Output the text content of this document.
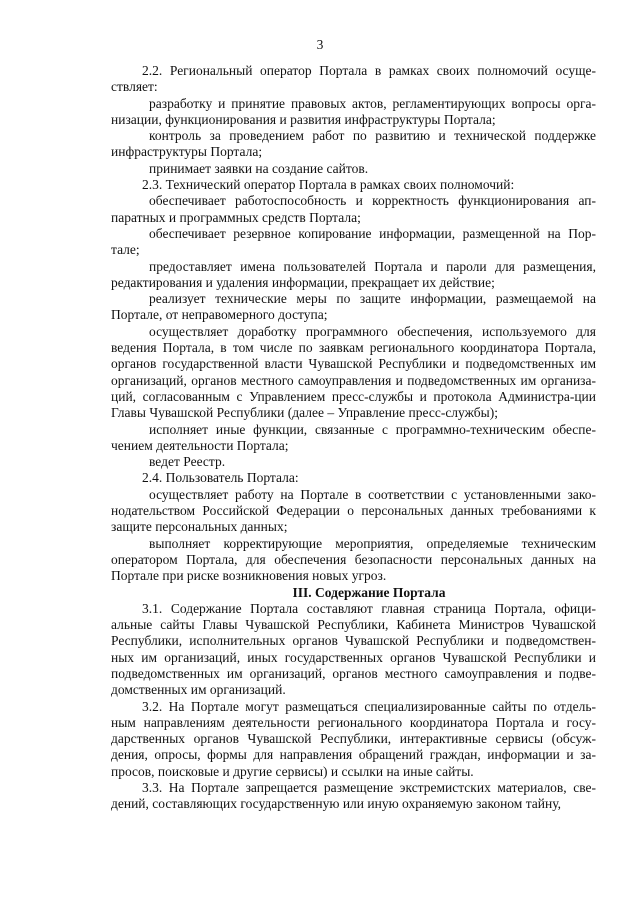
3

2.2. Региональный оператор Портала в рамках своих полномочий осуще-ствляет:

разработку и принятие правовых актов, регламентирующих вопросы орга-низации, функционирования и развития инфраструктуры Портала;

контроль за проведением работ по развитию и технической поддержке инфраструктуры Портала;

принимает заявки на создание сайтов.

2.3. Технический оператор Портала в рамках своих полномочий:

обеспечивает работоспособность и корректность функционирования ап-паратных и программных средств Портала;

обеспечивает резервное копирование информации, размещенной на Пор-тале;

предоставляет имена пользователей Портала и пароли для размещения, редактирования и удаления информации, прекращает их действие;

реализует технические меры по защите информации, размещаемой на Портале, от неправомерного доступа;

осуществляет доработку программного обеспечения, используемого для ведения Портала, в том числе по заявкам регионального координатора Портала, органов государственной власти Чувашской Республики и подведомственных им организаций, органов местного самоуправления и подведомственных им организа-ций, согласованным с Управлением пресс-службы и протокола Администра-ции Главы Чувашской Республики (далее – Управление пресс-службы);

исполняет иные функции, связанные с программно-техническим обеспе-чением деятельности Портала;

ведет Реестр.

2.4. Пользователь Портала:

осуществляет работу на Портале в соответствии с установленными зако-нодательством Российской Федерации о персональных данных требованиями к защите персональных данных;

выполняет корректирующие мероприятия, определяемые техническим оператором Портала, для обеспечения безопасности персональных данных на Портале при риске возникновения новых угроз.

III. Содержание Портала

3.1. Содержание Портала составляют главная страница Портала, офици-альные сайты Главы Чувашской Республики, Кабинета Министров Чувашской Республики, исполнительных органов Чувашской Республики и подведомствен-ных им организаций, иных государственных органов Чувашской Республики и подведомственных им организаций, органов местного самоуправления и подве-домственных им организаций.

3.2. На Портале могут размещаться специализированные сайты по отдель-ным направлениям деятельности регионального координатора Портала и госу-дарственных органов Чувашской Республики, интерактивные сервисы (обсуж-дения, опросы, формы для направления обращений граждан, информации и за-просов, поисковые и другие сервисы) и ссылки на иные сайты.

3.3. На Портале запрещается размещение экстремистских материалов, све-дений, составляющих государственную или иную охраняемую законом тайну,
